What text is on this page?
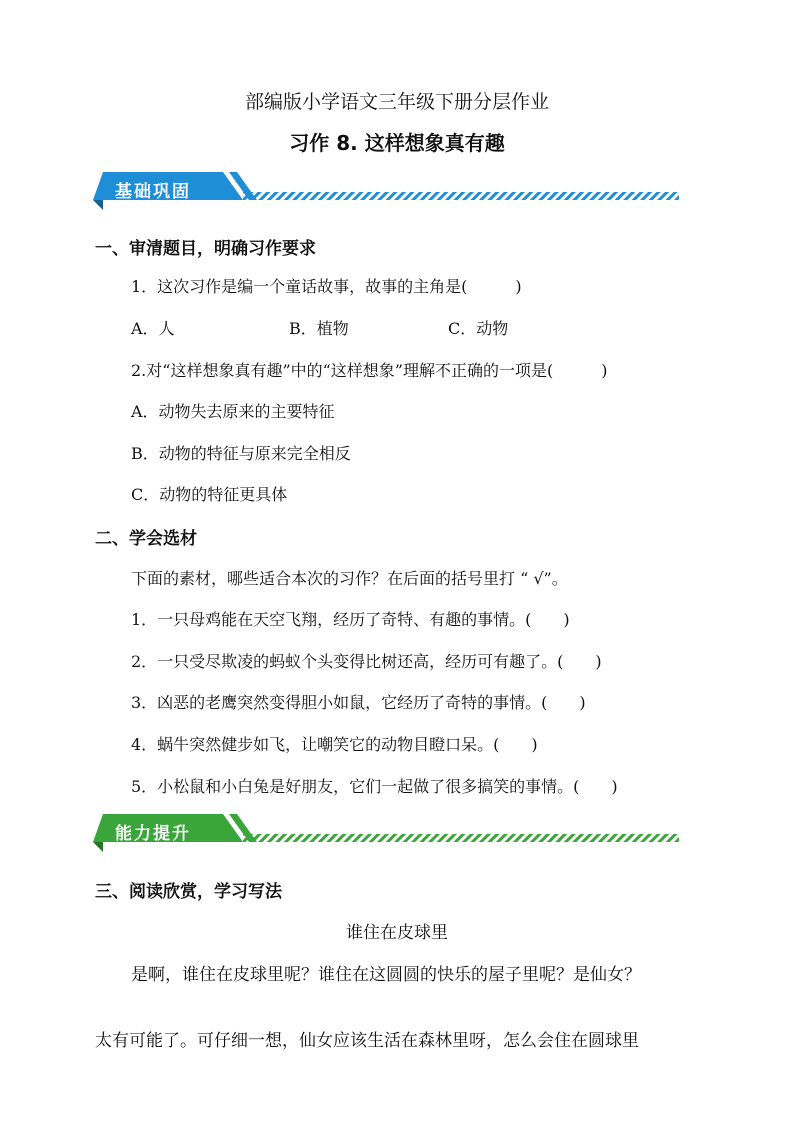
部编版小学语文三年级下册分层作业
习作 8. 这样想象真有趣
基础巩固
一、审清题目，明确习作要求
1．这次习作是编一个童话故事，故事的主角是(　　　)
A．人	B．植物	C．动物
2.对“这样想象真有趣”中的“这样想象”理解不正确的一项是(　　　)
A．动物失去原来的主要特征
B．动物的特征与原来完全相反
C．动物的特征更具体
二、学会选材
下面的素材，哪些适合本次的习作？在后面的括号里打 “ √”。
1．一只母鸡能在天空飞翔，经历了奇特、有趣的事情。(　　)
2．一只受尽欺凌的蚂蚁个头变得比树还高，经历可有趣了。(　　)
3．凶恶的老鹰突然变得胆小如鼠，它经历了奇特的事情。(　　)
4．蜗牛突然健步如飞，让嘲笑它的动物目瞪口呆。(　　)
5．小松鼠和小白兔是好朋友，它们一起做了很多搞笑的事情。(　　)
能力提升
三、阅读欣赏，学习写法
谁住在皮球里
是啊，谁住在皮球里呢？谁住在这圆圆的快乐的屋子里呢？是仙女？
太有可能了。可仔细一想，仙女应该生活在森林里呀，怎么会住在圆球里
